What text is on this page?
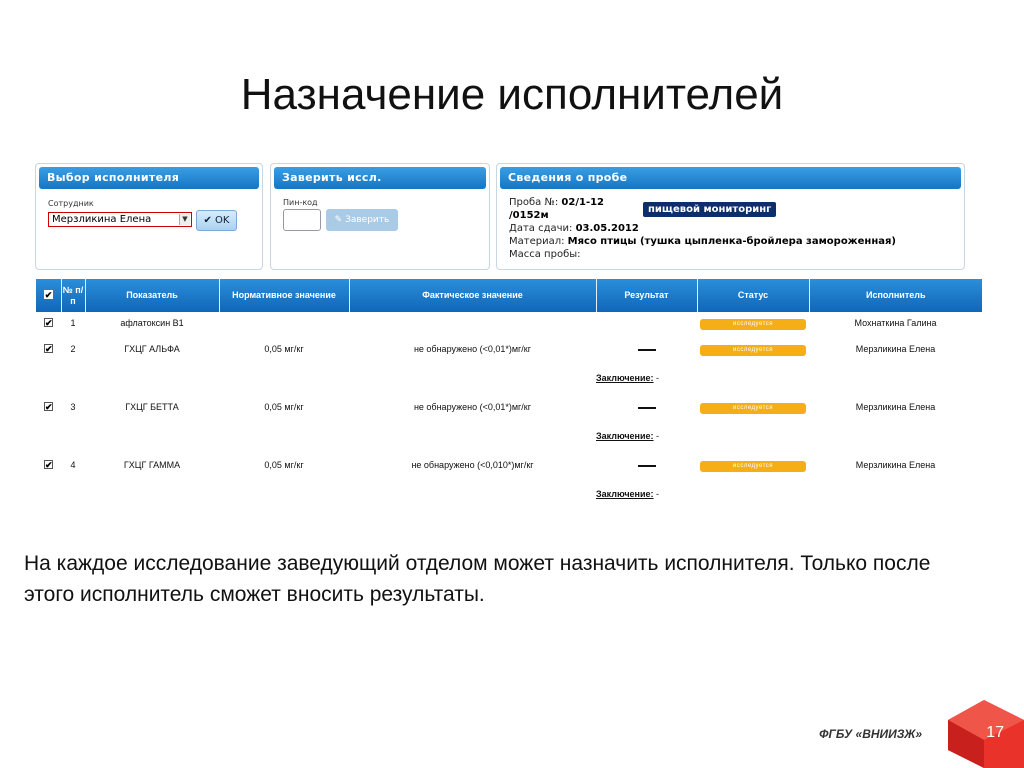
Назначение исполнителей
Выбор исполнителя
Сотрудник
Мерзликина Елена	▼	✔ OK
Заверить иссл.
Пин-код
✎ Заверить
Сведения о пробе
Проба №: 02/1-12
/0152м
пищевой мониторинг
Дата сдачи: 03.05.2012
Материал: Мясо птицы (тушка цыпленка-бройлера замороженная)
Масса пробы:
✔	№ п/п	Показатель	Нормативное значение	Фактическое значение	Результат	Статус	Исполнитель
✔	1	афлатоксин В1				исследуется	Мохнаткина Галина
✔	2	ГХЦГ АЛЬФА	0,05 мг/кг	не обнаружено (<0,01*)мг/кг		исследуется	Мерзликина Елена
					Заключение: -		
✔	3	ГХЦГ БЕТТА	0,05 мг/кг	не обнаружено (<0,01*)мг/кг		исследуется	Мерзликина Елена
					Заключение: -		
✔	4	ГХЦГ ГАММА	0,05 мг/кг	не обнаружено (<0,010*)мг/кг		исследуется	Мерзликина Елена
					Заключение: -		
На каждое исследование заведующий отделом может назначить исполнителя. Только после этого исполнитель сможет вносить результаты.
ФГБУ «ВНИИЗЖ»	17
